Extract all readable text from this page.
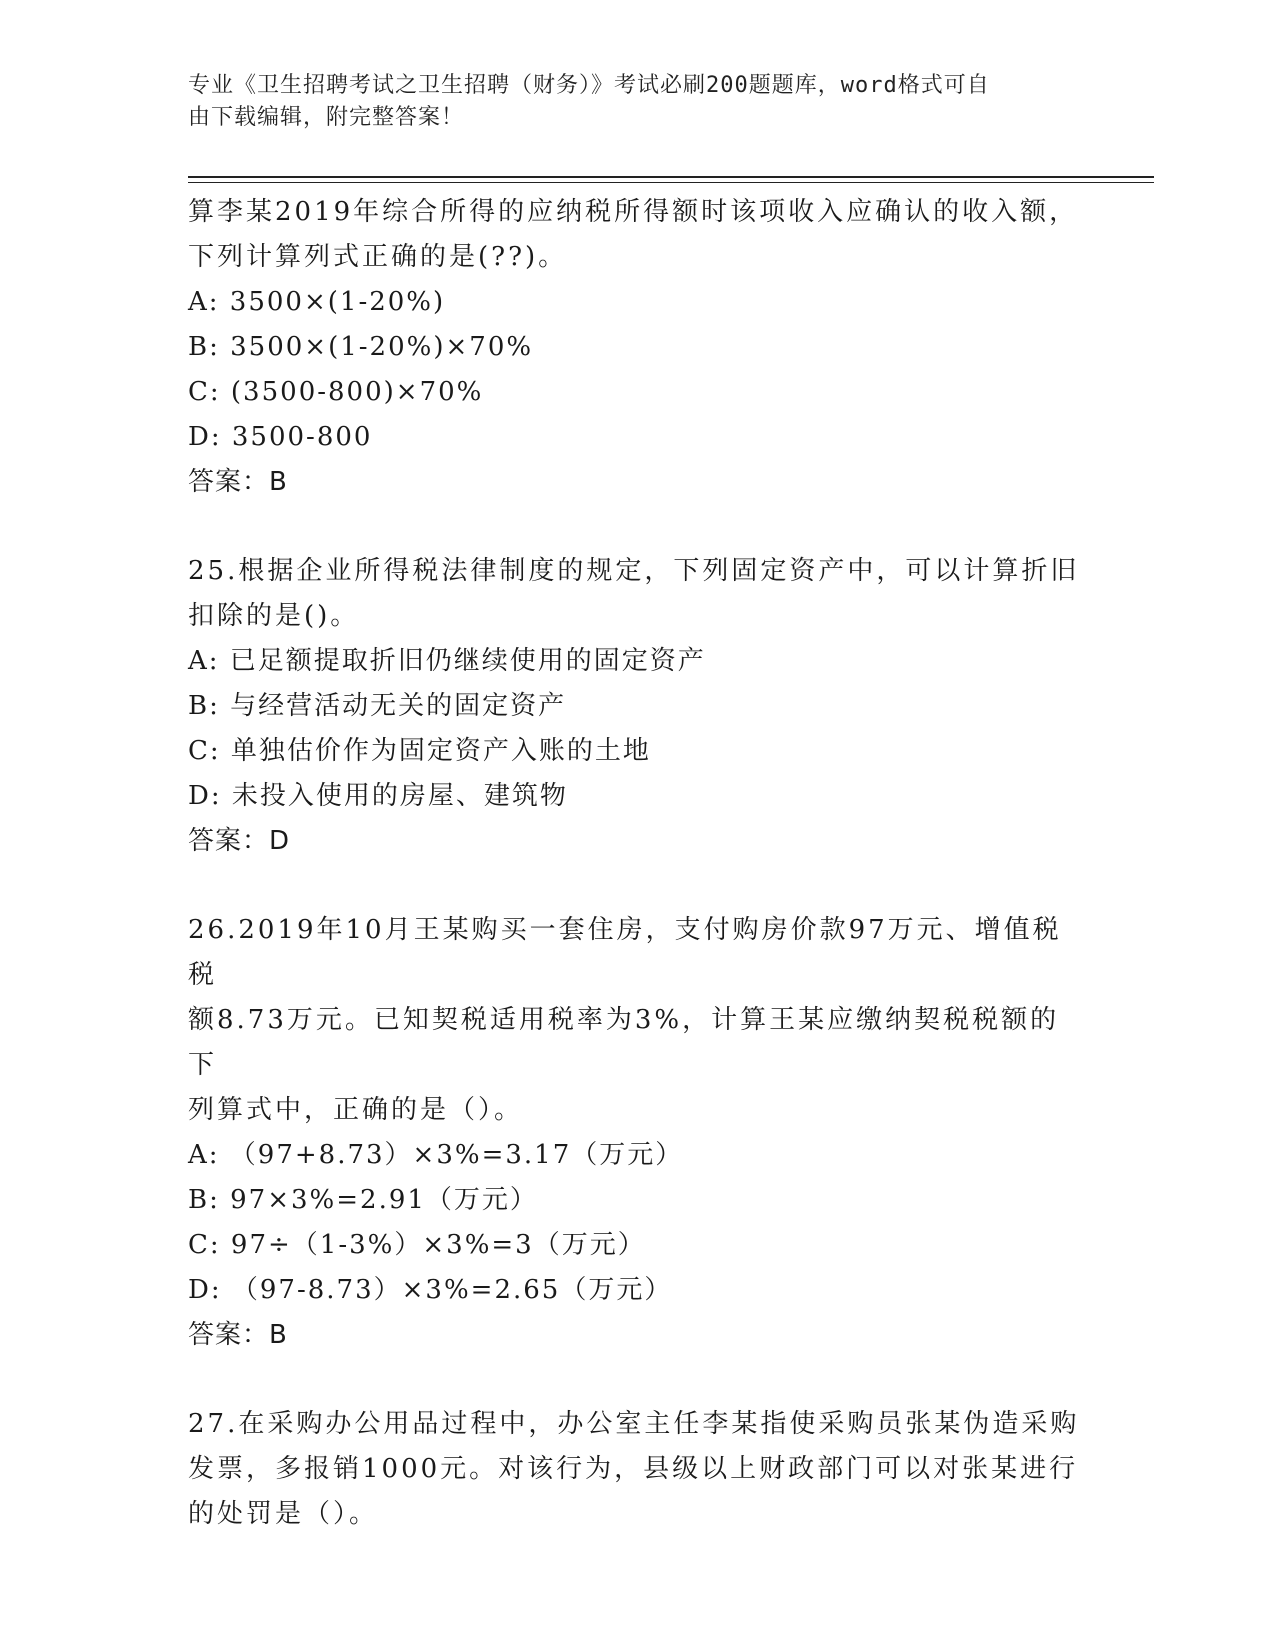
专业《卫生招聘考试之卫生招聘（财务）》考试必刷200题题库，word格式可自
由下载编辑，附完整答案！

算李某2019年综合所得的应纳税所得额时该项收入应确认的收入额，

下列计算列式正确的是(??)。

A: 3500×(1-20%)

B: 3500×(1-20%)×70%

C: (3500-800)×70%

D: 3500-800

答案：B

25.根据企业所得税法律制度的规定，下列固定资产中，可以计算折旧

扣除的是()。

A: 已足额提取折旧仍继续使用的固定资产

B: 与经营活动无关的固定资产

C: 单独估价作为固定资产入账的土地

D: 未投入使用的房屋、建筑物

答案：D

26.2019年10月王某购买一套住房，支付购房价款97万元、增值税税

额8.73万元。已知契税适用税率为3%，计算王某应缴纳契税税额的下

列算式中，正确的是（）。

A: （97+8.73）×3%=3.17（万元）

B: 97×3%=2.91（万元）

C: 97÷（1-3%）×3%=3（万元）

D: （97-8.73）×3%=2.65（万元）

答案：B

27.在采购办公用品过程中，办公室主任李某指使采购员张某伪造采购

发票，多报销1000元。对该行为，县级以上财政部门可以对张某进行

的处罚是（）。
